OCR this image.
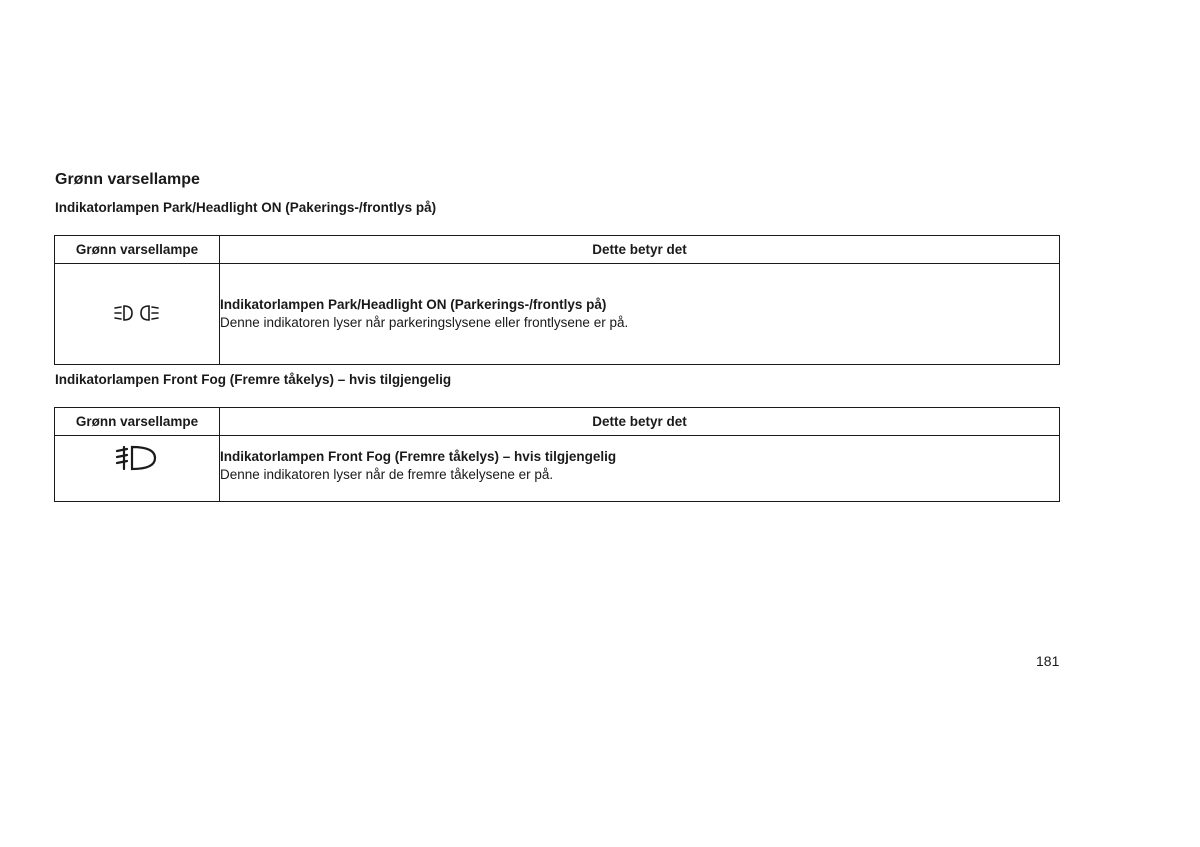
Grønn varsellampe
Indikatorlampen Park/Headlight ON (Pakerings-/frontlys på)
Grønn varsellampe	Dette betyr det

Indikatorlampen Park/Headlight ON (Parkerings-/frontlys på)
Denne indikatoren lyser når parkeringslysene eller frontlysene er på.
Indikatorlampen Front Fog (Fremre tåkelys) – hvis tilgjengelig
Grønn varsellampe	Dette betyr det

Indikatorlampen Front Fog (Fremre tåkelys) – hvis tilgjengelig
Denne indikatoren lyser når de fremre tåkelysene er på.
181
